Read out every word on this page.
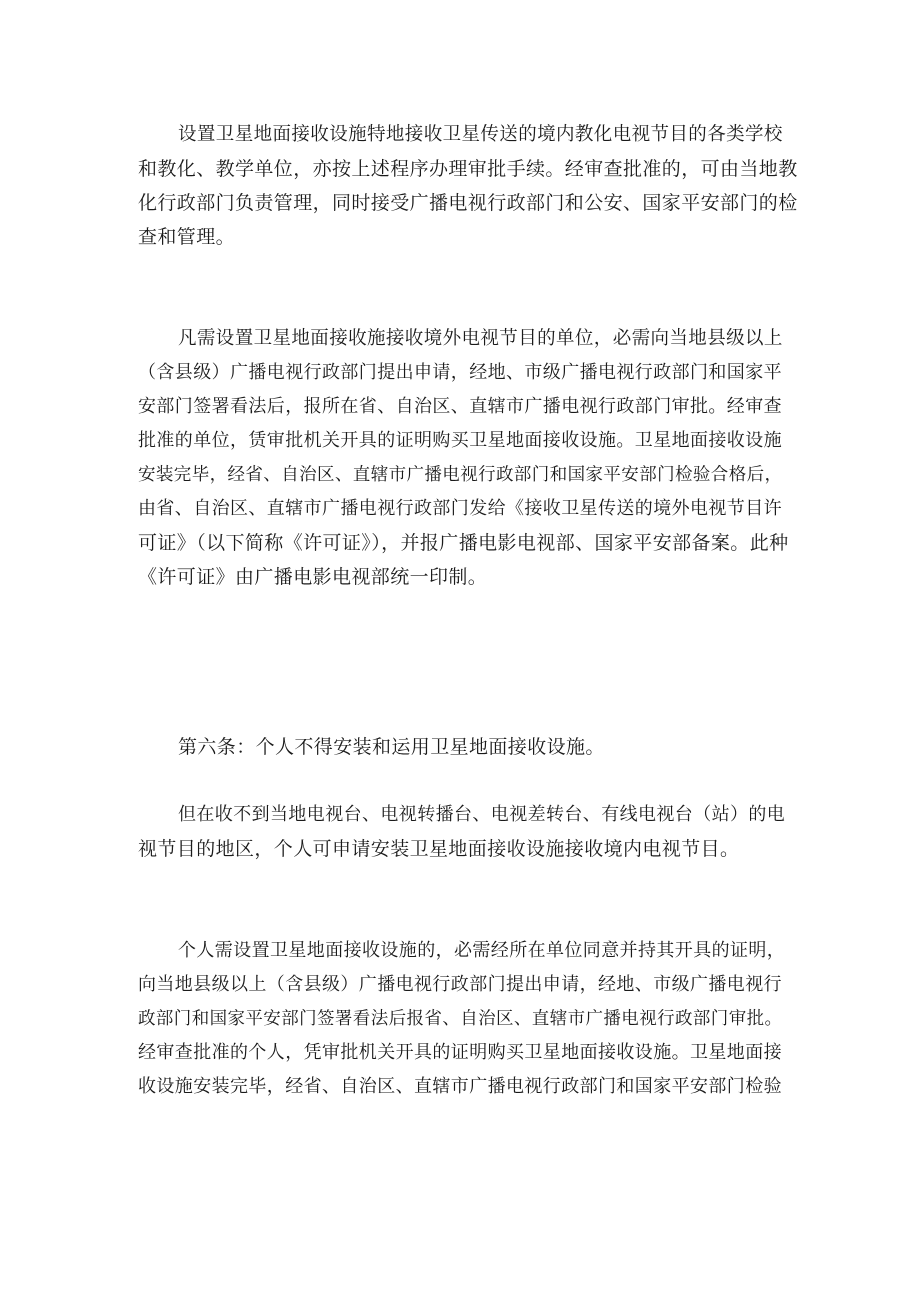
设置卫星地面接收设施特地接收卫星传送的境内教化电视节目的各类学校
和教化、教学单位，亦按上述程序办理审批手续。经审查批准的，可由当地教
化行政部门负责管理，同时接受广播电视行政部门和公安、国家平安部门的检
查和管理。
凡需设置卫星地面接收施接收境外电视节目的单位，必需向当地县级以上
（含县级）广播电视行政部门提出申请，经地、市级广播电视行政部门和国家平
安部门签署看法后，报所在省、自治区、直辖市广播电视行政部门审批。经审查
批准的单位，赁审批机关开具的证明购买卫星地面接收设施。卫星地面接收设施
安装完毕，经省、自治区、直辖市广播电视行政部门和国家平安部门检验合格后，
由省、自治区、直辖市广播电视行政部门发给《接收卫星传送的境外电视节目许
可证》（以下简称《许可证》），并报广播电影电视部、国家平安部备案。此种
《许可证》由广播电影电视部统一印制。
第六条：个人不得安装和运用卫星地面接收设施。
但在收不到当地电视台、电视转播台、电视差转台、有线电视台（站）的电
视节目的地区，个人可申请安装卫星地面接收设施接收境内电视节目。
个人需设置卫星地面接收设施的，必需经所在单位同意并持其开具的证明，
向当地县级以上（含县级）广播电视行政部门提出申请，经地、市级广播电视行
政部门和国家平安部门签署看法后报省、自治区、直辖市广播电视行政部门审批。
经审查批准的个人，凭审批机关开具的证明购买卫星地面接收设施。卫星地面接
收设施安装完毕，经省、自治区、直辖市广播电视行政部门和国家平安部门检验
